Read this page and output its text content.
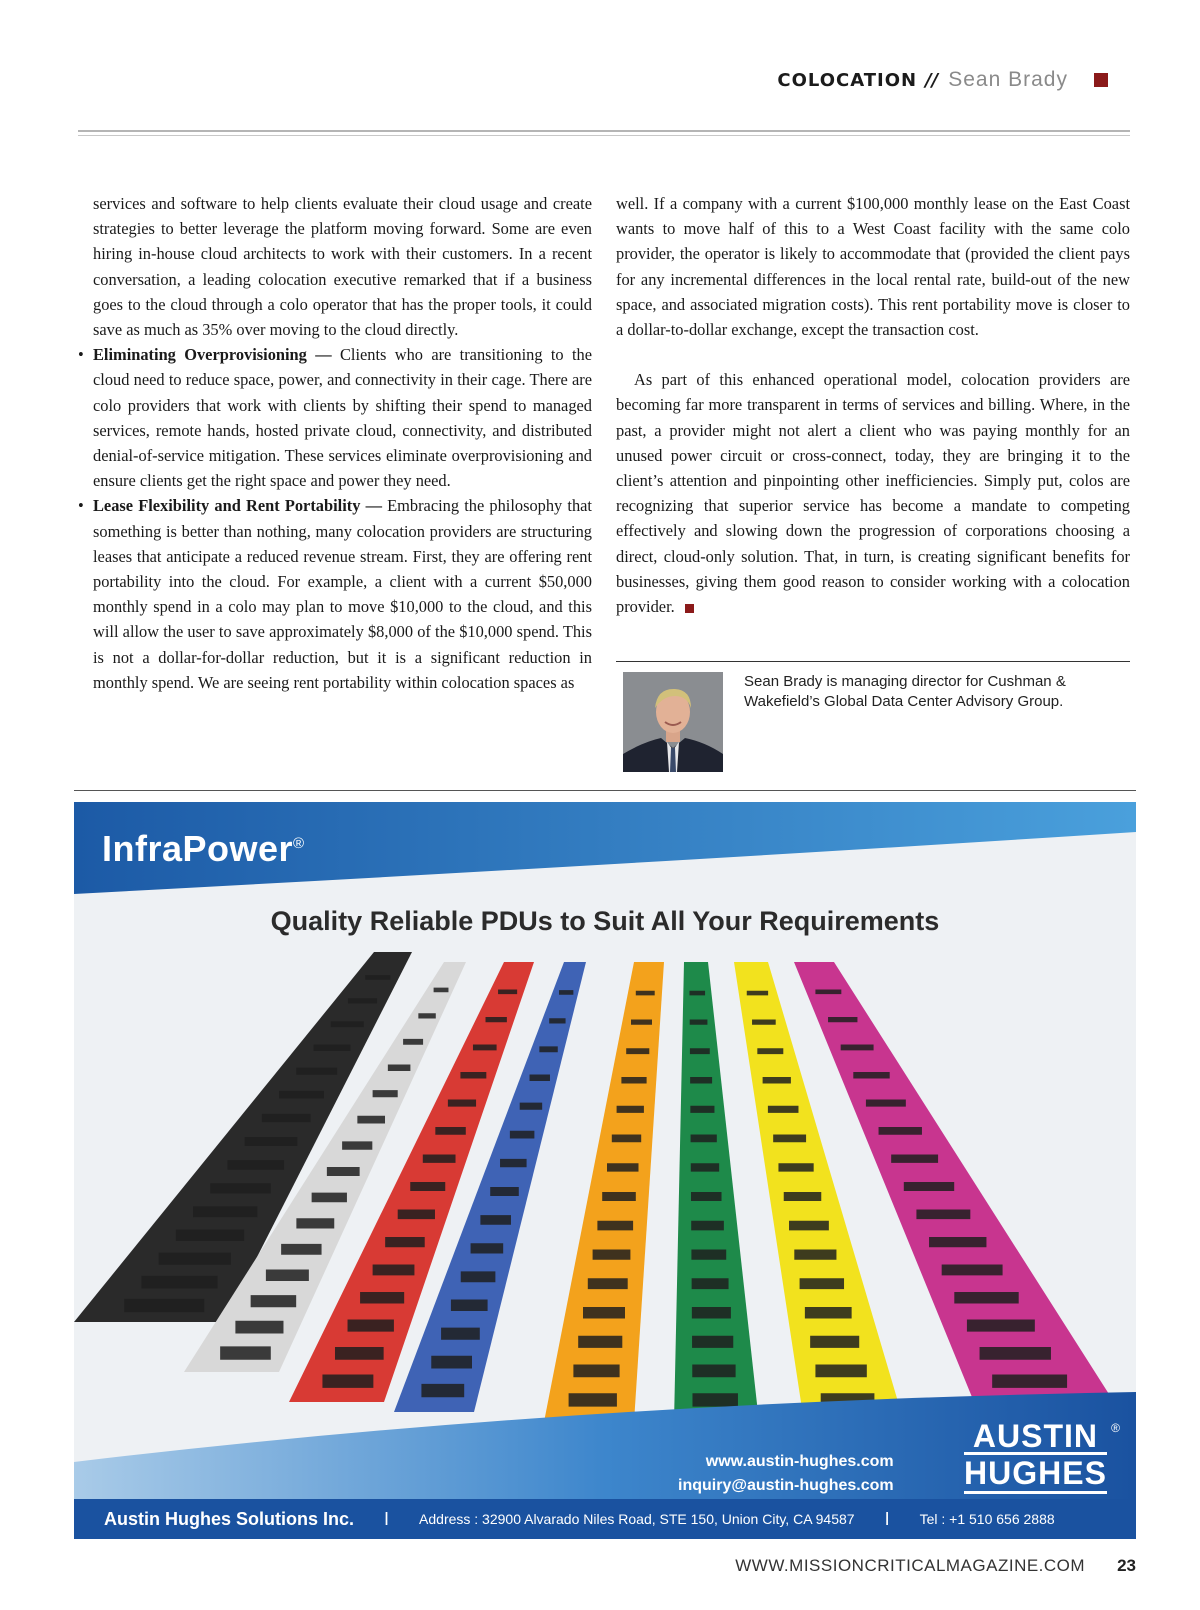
COLOCATION // Sean Brady

services and software to help clients evaluate their cloud usage and create strategies to better leverage the platform moving forward. Some are even hiring in-house cloud architects to work with their customers. In a recent conversation, a leading colocation executive remarked that if a business goes to the cloud through a colo operator that has the proper tools, it could save as much as 35% over moving to the cloud directly.

• Eliminating Overprovisioning — Clients who are transitioning to the cloud need to reduce space, power, and connectivity in their cage. There are colo providers that work with clients by shifting their spend to managed services, remote hands, hosted private cloud, connectivity, and distributed denial-of-service mitigation. These services eliminate overprovisioning and ensure clients get the right space and power they need.

• Lease Flexibility and Rent Portability — Embracing the philosophy that something is better than nothing, many colocation providers are structuring leases that anticipate a reduced revenue stream. First, they are offering rent portability into the cloud. For example, a client with a current $50,000 monthly spend in a colo may plan to move $10,000 to the cloud, and this will allow the user to save approximately $8,000 of the $10,000 spend. This is not a dollar-for-dollar reduction, but it is a significant reduction in monthly spend. We are seeing rent portability within colocation spaces as

well. If a company with a current $100,000 monthly lease on the East Coast wants to move half of this to a West Coast facility with the same colo provider, the operator is likely to accommodate that (provided the client pays for any incremental differences in the local rental rate, build-out of the new space, and associated migration costs). This rent portability move is closer to a dollar-to-dollar exchange, except the transaction cost.

As part of this enhanced operational model, colocation providers are becoming far more transparent in terms of services and billing. Where, in the past, a provider might not alert a client who was paying monthly for an unused power circuit or cross-connect, today, they are bringing it to the client’s attention and pinpointing other inefficiencies. Simply put, colos are recognizing that superior service has become a mandate to competing effectively and slowing down the progression of corporations choosing a direct, cloud-only solution. That, in turn, is creating significant benefits for businesses, giving them good reason to consider working with a colocation provider.

Sean Brady is managing director for Cushman & Wakefield’s Global Data Center Advisory Group.
InfraPower®
Quality Reliable PDUs to Suit All Your Requirements
www.austin-hughes.com
inquiry@austin-hughes.com
AUSTIN
HUGHES
®
Austin Hughes Solutions Inc. I Address : 32900 Alvarado Niles Road, STE 150, Union City, CA 94587 I Tel : +1 510 656 2888
WWW.MISSIONCRITICALMAGAZINE.COM 23
